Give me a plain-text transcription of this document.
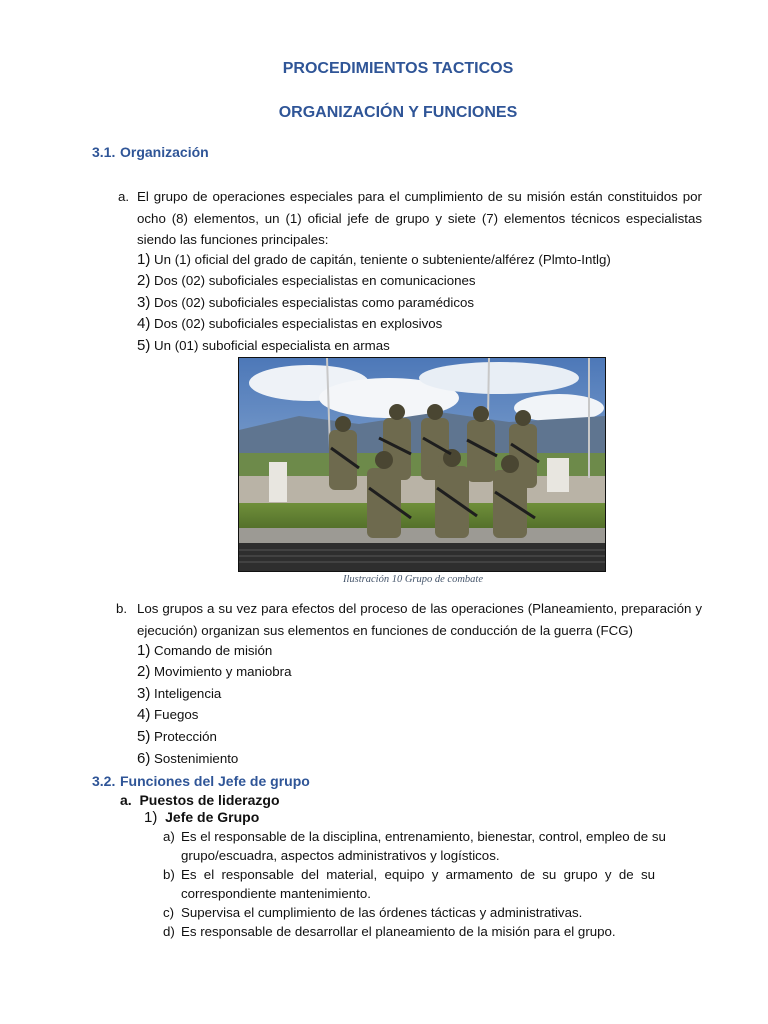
PROCEDIMIENTOS TACTICOS
ORGANIZACIÓN Y FUNCIONES
3.1. Organización
a. El grupo de operaciones especiales para el cumplimiento de su misión están constituidos por ocho (8) elementos, un (1) oficial jefe de grupo y siete (7) elementos técnicos especialistas siendo las funciones principales:
1) Un (1) oficial del grado de capitán, teniente o subteniente/alférez (Plmto-Intlg)
2) Dos (02) suboficiales especialistas en comunicaciones
3) Dos (02) suboficiales especialistas como paramédicos
4) Dos (02) suboficiales especialistas en explosivos
5) Un (01) suboficial especialista en armas
Ilustración 10 Grupo de combate
b. Los grupos a su vez para efectos del proceso de las operaciones (Planeamiento, preparación y ejecución) organizan sus elementos en funciones de conducción de la guerra (FCG)
1) Comando de misión
2) Movimiento y maniobra
3) Inteligencia
4) Fuegos
5) Protección
6) Sostenimiento
3.2. Funciones del Jefe de grupo
a. Puestos de liderazgo
1) Jefe de Grupo
a) Es el responsable de la disciplina, entrenamiento, bienestar, control, empleo de su grupo/escuadra, aspectos administrativos y logísticos.
b) Es el responsable del material, equipo y armamento de su grupo y de su correspondiente mantenimiento.
c) Supervisa el cumplimiento de las órdenes tácticas y administrativas.
d) Es responsable de desarrollar el planeamiento de la misión para el grupo.
